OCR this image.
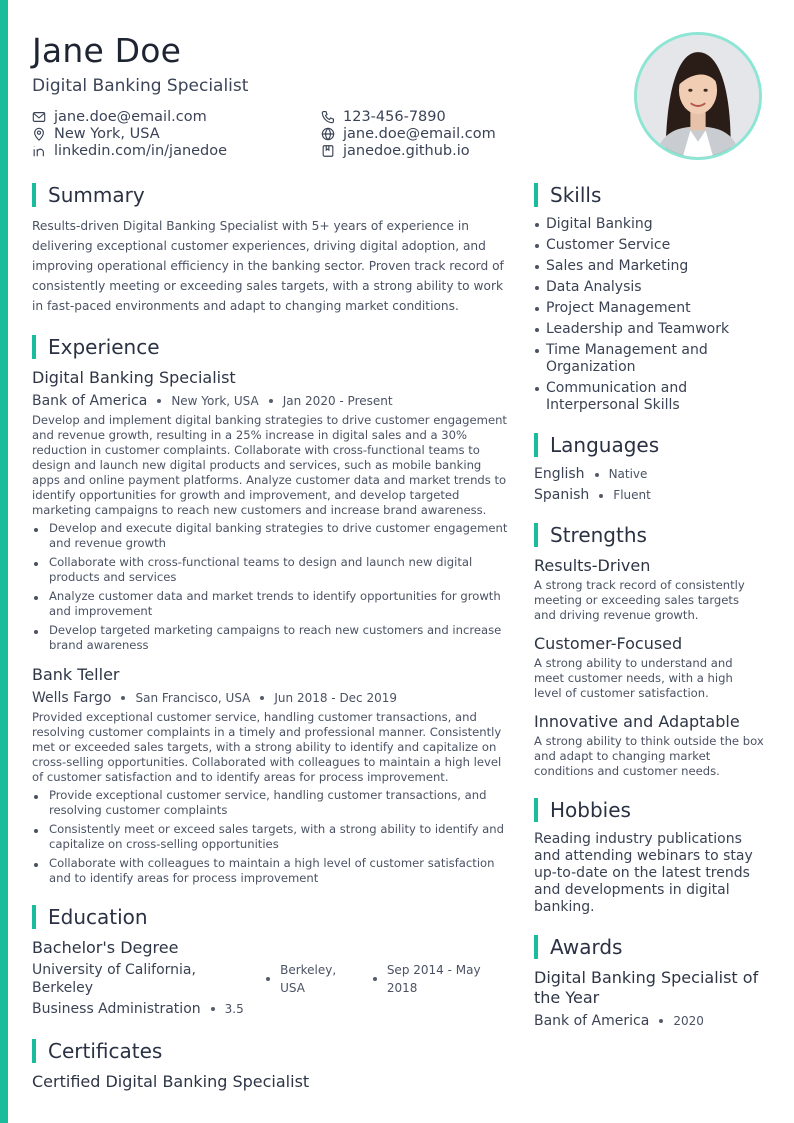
Jane Doe
Digital Banking Specialist
jane.doe@email.com
New York, USA
linkedin.com/in/janedoe
123-456-7890
jane.doe@email.com
janedoe.github.io
Summary

Results-driven Digital Banking Specialist with 5+ years of experience in delivering exceptional customer experiences, driving digital adoption, and improving operational efficiency in the banking sector. Proven track record of consistently meeting or exceeding sales targets, with a strong ability to work in fast-paced environments and adapt to changing market conditions.

Experience
Digital Banking Specialist
Bank of America New York, USA Jan 2020 - Present

Develop and implement digital banking strategies to drive customer engagement and revenue growth, resulting in a 25% increase in digital sales and a 30% reduction in customer complaints. Collaborate with cross-functional teams to design and launch new digital products and services, such as mobile banking apps and online payment platforms. Analyze customer data and market trends to identify opportunities for growth and improvement, and develop targeted marketing campaigns to reach new customers and increase brand awareness.

Develop and execute digital banking strategies to drive customer engagement and revenue growth
Collaborate with cross-functional teams to design and launch new digital products and services
Analyze customer data and market trends to identify opportunities for growth and improvement
Develop targeted marketing campaigns to reach new customers and increase brand awareness
Bank Teller
Wells Fargo San Francisco, USA Jun 2018 - Dec 2019

Provided exceptional customer service, handling customer transactions, and resolving customer complaints in a timely and professional manner. Consistently met or exceeded sales targets, with a strong ability to identify and capitalize on cross-selling opportunities. Collaborated with colleagues to maintain a high level of customer satisfaction and to identify areas for process improvement.

Provide exceptional customer service, handling customer transactions, and resolving customer complaints
Consistently meet or exceed sales targets, with a strong ability to identify and capitalize on cross-selling opportunities
Collaborate with colleagues to maintain a high level of customer satisfaction and to identify areas for process improvement
Education
Bachelor's Degree
University of California, Berkeley
Berkeley, USA
Sep 2014 - May 2018
Business Administration 3.5
Certificates
Certified Digital Banking Specialist
Skills
Digital Banking
Customer Service
Sales and Marketing
Data Analysis
Project Management
Leadership and Teamwork
Time Management and Organization
Communication and Interpersonal Skills
Languages
English Native
Spanish Fluent
Strengths
Results-Driven
A strong track record of consistently meeting or exceeding sales targets and driving revenue growth.
Customer-Focused
A strong ability to understand and meet customer needs, with a high level of customer satisfaction.
Innovative and Adaptable
A strong ability to think outside the box and adapt to changing market conditions and customer needs.
Hobbies

Reading industry publications and attending webinars to stay up-to-date on the latest trends and developments in digital banking.

Awards
Digital Banking Specialist of the Year
Bank of America 2020
